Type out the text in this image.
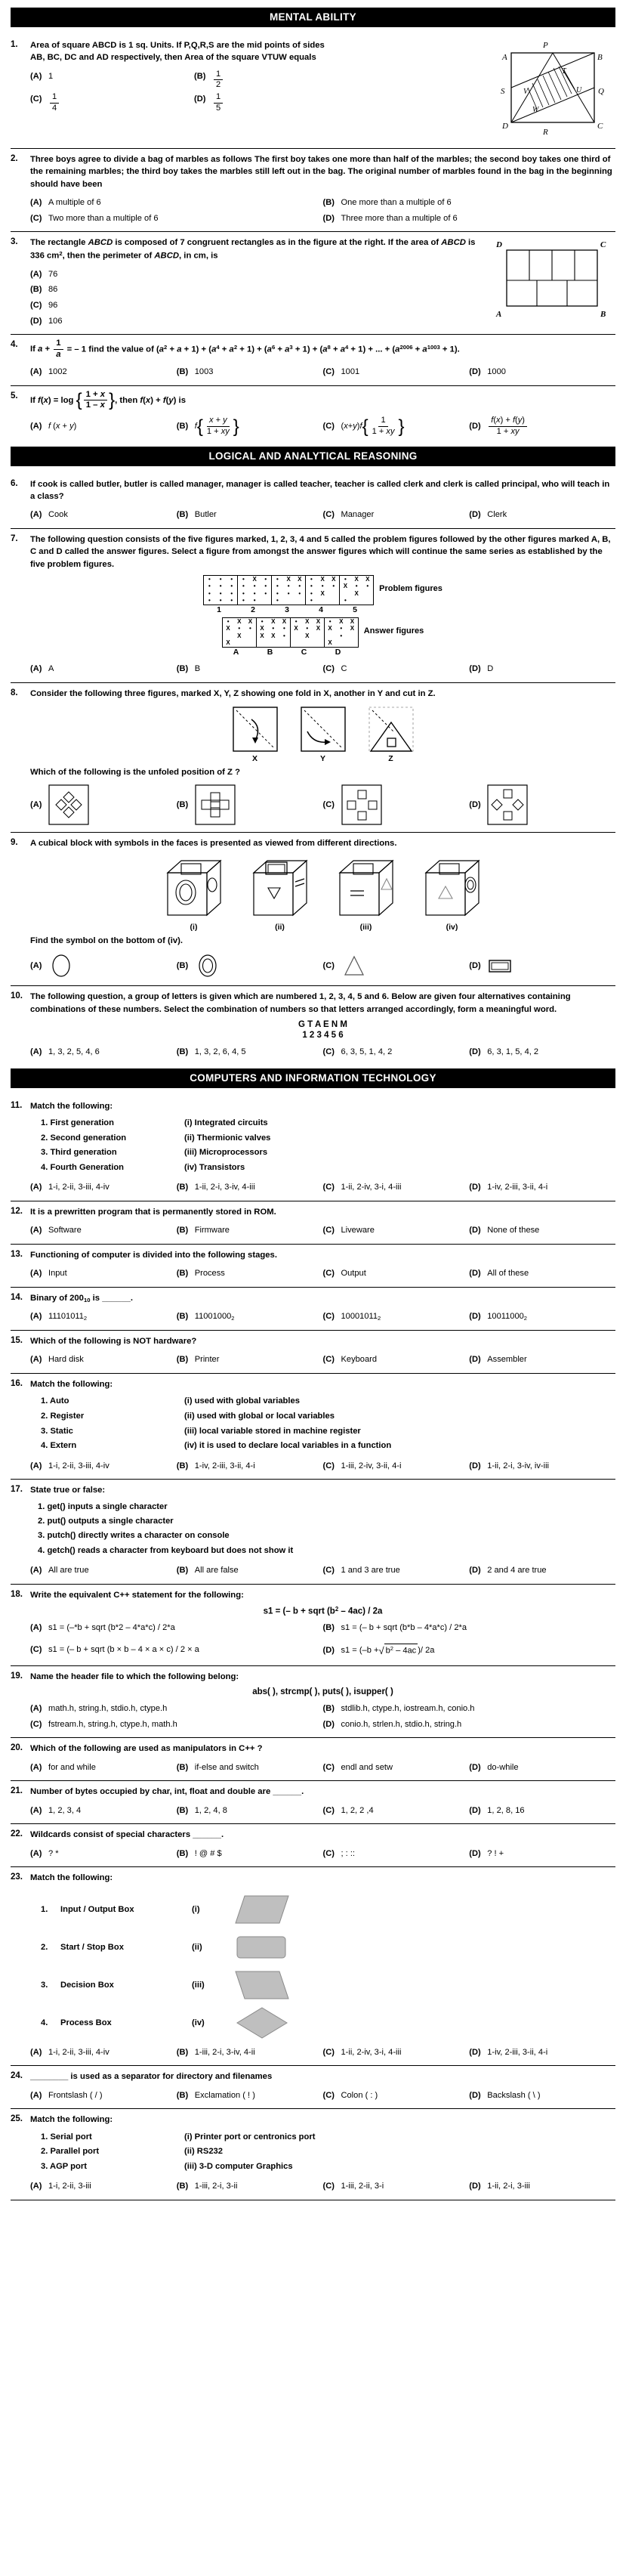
MENTAL ABILITY
1.	P
A	B
S	Q
D	C
R
T
V	U
W
Area of square ABCD is 1 sq. Units. If P,Q,R,S are the mid points of sides
AB, BC, DC and AD respectively, then Area of the square VTUW equals
(A) 1	$(B) \frac{1}{2}$
$(C) \frac{1}{4}$	$(D) \frac{1}{5}$
2.	Three boys agree to divide a bag of marbles as follows The first boy takes one more than half of the marbles; the second boy takes one third of the remaining marbles; the third boy takes the marbles still left out in the bag. The original number of marbles found in the bag in the beginning should have been
(A) A multiple of 6	(B) One more than a multiple of 6
(C) Two more than a multiple of 6	(D) Three more than a multiple of 6
3.	D	C
A	B
The rectangle ABCD is composed of 7 congruent rectangles as in the figure at the right. If the area of ABCD is 336 $cm^2$, then the perimeter of ABCD, in cm, is
(A) 76
(B) 86
(C) 96
(D) 106
4.
If $a + \frac{1}{a}$ = – 1 find the value of $(a^2 + a + 1) + (a^4 + a^2 + 1) + (a^6 + a^3 + 1) + (a^8 + a^4 + 1)$ + ... + $(a^{2006} + a^{1003} + 1)$.
(A) 1002	(B) 1003	(C) 1001	(D) 1000
5.
If f(x) = log { $\frac{1 + x}{1 - x}$ } , then f(x) + f(y) is
(A) f (x + y)	(B) f { $\frac{x + y}{1 + xy}$ }	(C) ( x + y ) f { $\frac{1}{1 + xy}$ }	$(D) \frac{f(x) + f(y)}{1 + xy}$
LOGICAL AND ANALYTICAL REASONING
6.	If cook is called butler, butler is called manager, manager is called teacher, teacher is called clerk and clerk is called principal, who will teach in a class?
(A) Cook	(B) Butler	(C) Manager	(D) Clerk
7.	The following question consists of the five figures marked, 1, 2, 3, 4 and 5 called the problem figures followed by the other figures marked A, B, C and D called the answer figures. Select a figure from amongst the answer figures which will continue the same series as established by the five problem figures.
•	•	•
•	•	•
•	•	•
•	•	•
•	X	•
•	•	•
•	•	•
•	•
•	X	X
•	•	•
•	•	•
•
•	X	X
•	•	•
•	X
•
•	X	X
X	•	•
X
•
Problem figures
1	2	3	4	5
•	X	X
X	•	•
X
X
•	X	X
X	•	•
X	X	•
•	X	X
X	•	X
X
•	X	X
X	•	X
•
X
Answer figures
A	B	C	D
(A) A	(B) B	(C) C	(D) D
8.	Consider the following three figures, marked X, Y, Z showing one fold in X, another in Y and cut in Z.
X	Y	Z
Which of the following is the unfoled position of Z ?
(A)	(B)	(C)	(D)
9.	A cubical block with symbols in the faces is presented as viewed from different directions.
(i)	(ii)	(iii)	(iv)
Find the symbol on the bottom of (iv).
(A)	(B)	(C)	(D)
10. The following question, a group of letters is given which are numbered 1, 2, 3, 4, 5 and 6. Below are given four alternatives containing combinations of these numbers. Select the combination of numbers so that letters arranged accordingly, form a meaningful word.
G T A E N M
1 2 3 4 5 6
(A) 1, 3, 2, 5, 4, 6	(B) 1, 3, 2, 6, 4, 5	(C) 6, 3, 5, 1, 4, 2	(D) 6, 3, 1, 5, 4, 2
COMPUTERS AND INFORMATION TECHNOLOGY
11. Match the following:
1. First generation	(i) Integrated circuits
2. Second generation	(ii) Thermionic valves
3. Third generation	(iii) Microprocessors
4. Fourth Generation	(iv) Transistors
(A) 1-i, 2-ii, 3-iii, 4-iv	(B) 1-ii, 2-i, 3-iv, 4-iii	(C) 1-ii, 2-iv, 3-i, 4-iii	(D) 1-iv, 2-iii, 3-ii, 4-i
12. It is a prewritten program that is permanently stored in ROM.
(A) Software	(B) Firmware	(C) Liveware	(D) None of these
13. Functioning of computer is divided into the following stages.
(A) Input	(B) Process	(C) Output	(D) All of these
14. Binary of $200_{10}$ is ______.
(A) $11101011_2$	(B) $11001000_2$	(C) $10001011_2$	(D) $10011000_2$
15. Which of the following is NOT hardware?
(A) Hard disk	(B) Printer	(C) Keyboard	(D) Assembler
16. Match the following:
1. Auto	(i) used with global variables
2. Register	(ii) used with global or local variables
3. Static	(iii) local variable stored in machine register
4. Extern	(iv) it is used to declare local variables in a function
(A) 1-i, 2-ii, 3-iii, 4-iv	(B) 1-iv, 2-iii, 3-ii, 4-i	(C) 1-iii, 2-iv, 3-ii, 4-i	(D) 1-ii, 2-i, 3-iv, iv-iii
17. State true or false:
1. get() inputs a single character
2. put() outputs a single character
3. putch() directly writes a character on console
4. getch() reads a character from keyboard but does not show it
(A) All are true	(B) All are false	(C) 1 and 3 are true	(D) 2 and 4 are true
18. Write the equivalent C++ statement for the following:
s1 = (– b + sqrt $(b^2 - 4ac) / 2a$
(A) s1 = (–*b + sqrt (b*2 – 4*a*c) / 2*a	(B) s1 = (– b + sqrt (b*b – 4*a*c) / 2*a
(C) s1 = (– b + sqrt (b × b – 4 × a × c) / 2 × a	(D) s1 = (–b + √ $b^2 - 4ac$ )/ 2a
19. Name the header file to which the following belong:
abs( ), strcmp( ), puts( ), isupper( )
(A) math.h, string.h, stdio.h, ctype.h	(B) stdlib.h, ctype.h, iostream.h, conio.h
(C) fstream.h, string.h, ctype.h, math.h	(D) conio.h, strlen.h, stdio.h, string.h
20. Which of the following are used as manipulators in C++ ?
(A) for and while	(B) if-else and switch	(C) endl and setw	(D) do-while
21. Number of bytes occupied by char, int, float and double are ______.
(A) 1, 2, 3, 4	(B) 1, 2, 4, 8	(C) 1, 2, 2 ,4	(D) 1, 2, 8, 16
22. Wildcards consist of special characters ______.
(A) ? *	(B) ! @ # $	(C) ; : ::	(D) ? ! +
23. Match the following:
1.	Input / Output Box	(i)
2.	Start / Stop Box	(ii)
3.	Decision Box	(iii)
4.	Process Box	(iv)
(A) 1-i, 2-ii, 3-iii, 4-iv	(B) 1-iii, 2-i, 3-iv, 4-ii	(C) 1-ii, 2-iv, 3-i, 4-iii	(D) 1-iv, 2-iii, 3-ii, 4-i
24. ________ is used as a separator for directory and filenames
(A) Frontslash ( / )	(B) Exclamation ( ! )	(C) Colon ( : )	(D) Backslash ( \ )
25. Match the following:
1. Serial port	(i) Printer port or centronics port
2. Parallel port	(ii) RS232
3. AGP port	(iii) 3-D computer Graphics
(A) 1-i, 2-ii, 3-iii	(B) 1-iii, 2-i, 3-ii	(C) 1-iii, 2-ii, 3-i	(D) 1-ii, 2-i, 3-iii
